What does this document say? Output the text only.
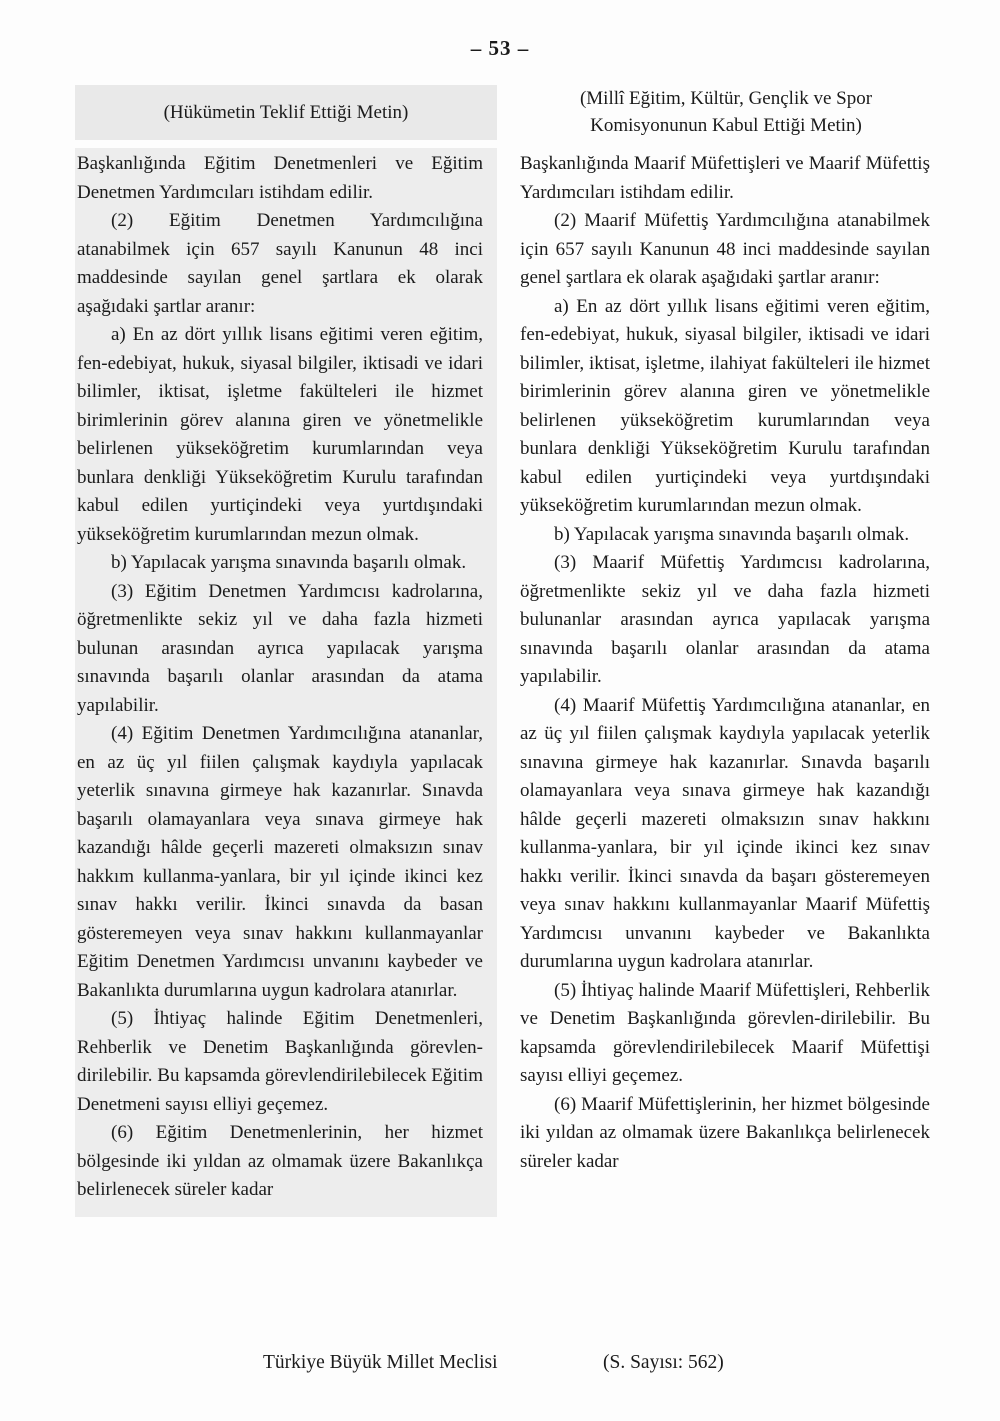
– 53 –
(Hükümetin Teklif Ettiği Metin)

Başkanlığında Eğitim Denetmenleri ve Eğitim Denetmen Yardımcıları istihdam edilir.

(2) Eğitim Denetmen Yardımcılığına atanabilmek için 657 sayılı Kanunun 48 inci maddesinde sayılan genel şartlara ek olarak aşağıdaki şartlar aranır:

a) En az dört yıllık lisans eğitimi veren eğitim, fen-edebiyat, hukuk, siyasal bilgiler, iktisadi ve idari bilimler, iktisat, işletme fakülteleri ile hizmet birimlerinin görev alanına giren ve yönetmelikle belirlenen yükseköğretim kurumlarından veya bunlara denkliği Yükseköğretim Kurulu tarafından kabul edilen yurtiçindeki veya yurtdışındaki yükseköğretim kurumlarından mezun olmak.

b) Yapılacak yarışma sınavında başarılı olmak.

(3) Eğitim Denetmen Yardımcısı kadrolarına, öğretmenlikte sekiz yıl ve daha fazla hizmeti bulunan arasından ayrıca yapılacak yarışma sınavında başarılı olanlar arasından da atama yapılabilir.

(4) Eğitim Denetmen Yardımcılığına atananlar, en az üç yıl fiilen çalışmak kaydıyla yapılacak yeterlik sınavına girmeye hak kazanırlar. Sınavda başarılı olamayanlara veya sınava girmeye hak kazandığı hâlde geçerli mazereti olmaksızın sınav hakkım kullanma-yanlara, bir yıl içinde ikinci kez sınav hakkı verilir. İkinci sınavda da basan gösteremeyen veya sınav hakkını kullanmayanlar Eğitim Denetmen Yardımcısı unvanını kaybeder ve Bakanlıkta durumlarına uygun kadrolara atanırlar.

(5) İhtiyaç halinde Eğitim Denetmenleri, Rehberlik ve Denetim Başkanlığında görevlen-dirilebilir. Bu kapsamda görevlendirilebilecek Eğitim Denetmeni sayısı elliyi geçemez.

(6) Eğitim Denetmenlerinin, her hizmet bölgesinde iki yıldan az olmamak üzere Bakanlıkça belirlenecek süreler kadar

(Millî Eğitim, Kültür, Gençlik ve Spor
Komisyonunun Kabul Ettiği Metin)

Başkanlığında Maarif Müfettişleri ve Maarif Müfettiş Yardımcıları istihdam edilir.

(2) Maarif Müfettiş Yardımcılığına atanabilmek için 657 sayılı Kanunun 48 inci maddesinde sayılan genel şartlara ek olarak aşağıdaki şartlar aranır:

a) En az dört yıllık lisans eğitimi veren eğitim, fen-edebiyat, hukuk, siyasal bilgiler, iktisadi ve idari bilimler, iktisat, işletme, ilahiyat fakülteleri ile hizmet birimlerinin görev alanına giren ve yönetmelikle belirlenen yükseköğretim kurumlarından veya bunlara denkliği Yükseköğretim Kurulu tarafından kabul edilen yurtiçindeki veya yurtdışındaki yükseköğretim kurumlarından mezun olmak.

b) Yapılacak yarışma sınavında başarılı olmak.

(3) Maarif Müfettiş Yardımcısı kadrolarına, öğretmenlikte sekiz yıl ve daha fazla hizmeti bulunanlar arasından ayrıca yapılacak yarışma sınavında başarılı olanlar arasından da atama yapılabilir.

(4) Maarif Müfettiş Yardımcılığına atananlar, en az üç yıl fiilen çalışmak kaydıyla yapılacak yeterlik sınavına girmeye hak kazanırlar. Sınavda başarılı olamayanlara veya sınava girmeye hak kazandığı hâlde geçerli mazereti olmaksızın sınav hakkını kullanma-yanlara, bir yıl içinde ikinci kez sınav hakkı verilir. İkinci sınavda da başarı gösteremeyen veya sınav hakkını kullanmayanlar Maarif Müfettiş Yardımcısı unvanını kaybeder ve Bakanlıkta durumlarına uygun kadrolara atanırlar.

(5) İhtiyaç halinde Maarif Müfettişleri, Rehberlik ve Denetim Başkanlığında görevlen-dirilebilir. Bu kapsamda görevlendirilebilecek Maarif Müfettişi sayısı elliyi geçemez.

(6) Maarif Müfettişlerinin, her hizmet bölgesinde iki yıldan az olmamak üzere Bakanlıkça belirlenecek süreler kadar

Türkiye Büyük Millet Meclisi	(S. Sayısı: 562)
